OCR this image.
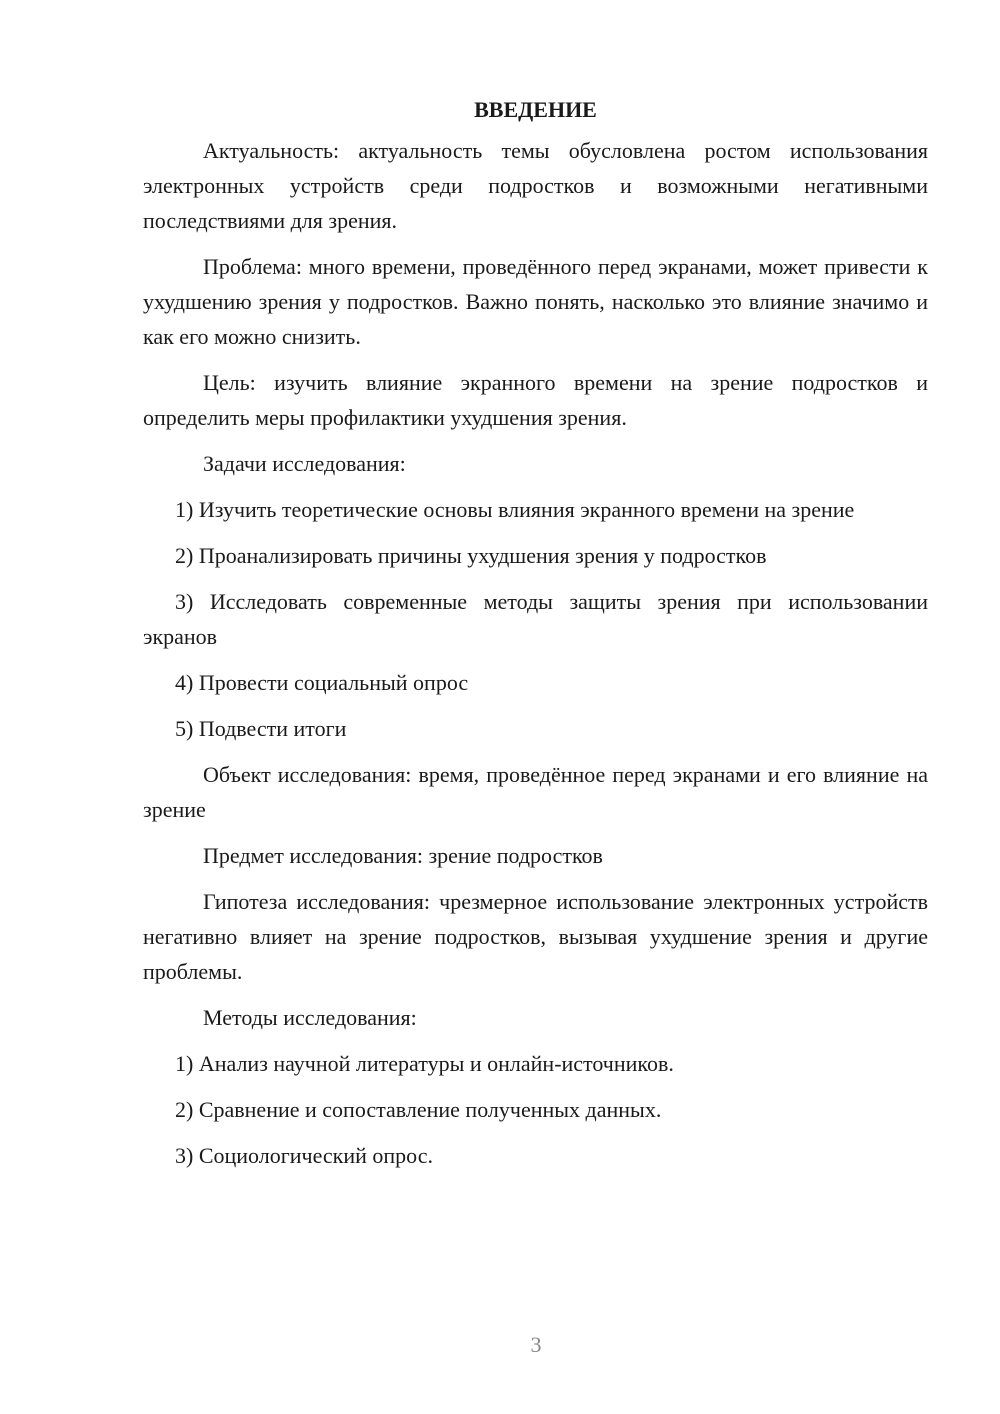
ВВЕДЕНИЕ

Актуальность: актуальность темы обусловлена ростом использования электронных устройств среди подростков и возможными негативными последствиями для зрения.

Проблема: много времени, проведённого перед экранами, может привести к ухудшению зрения у подростков. Важно понять, насколько это влияние значимо и как его можно снизить.

Цель: изучить влияние экранного времени на зрение подростков и определить меры профилактики ухудшения зрения.

Задачи исследования:

1) Изучить теоретические основы влияния экранного времени на зрение

2) Проанализировать причины ухудшения зрения у подростков

3) Исследовать современные методы защиты зрения при использовании экранов

4) Провести социальный опрос

5) Подвести итоги

Объект исследования: время, проведённое перед экранами и его влияние на зрение

Предмет исследования: зрение подростков

Гипотеза исследования: чрезмерное использование электронных устройств негативно влияет на зрение подростков, вызывая ухудшение зрения и другие проблемы.

Методы исследования:

1) Анализ научной литературы и онлайн-источников.

2) Сравнение и сопоставление полученных данных.

3) Социологический опрос.

3
